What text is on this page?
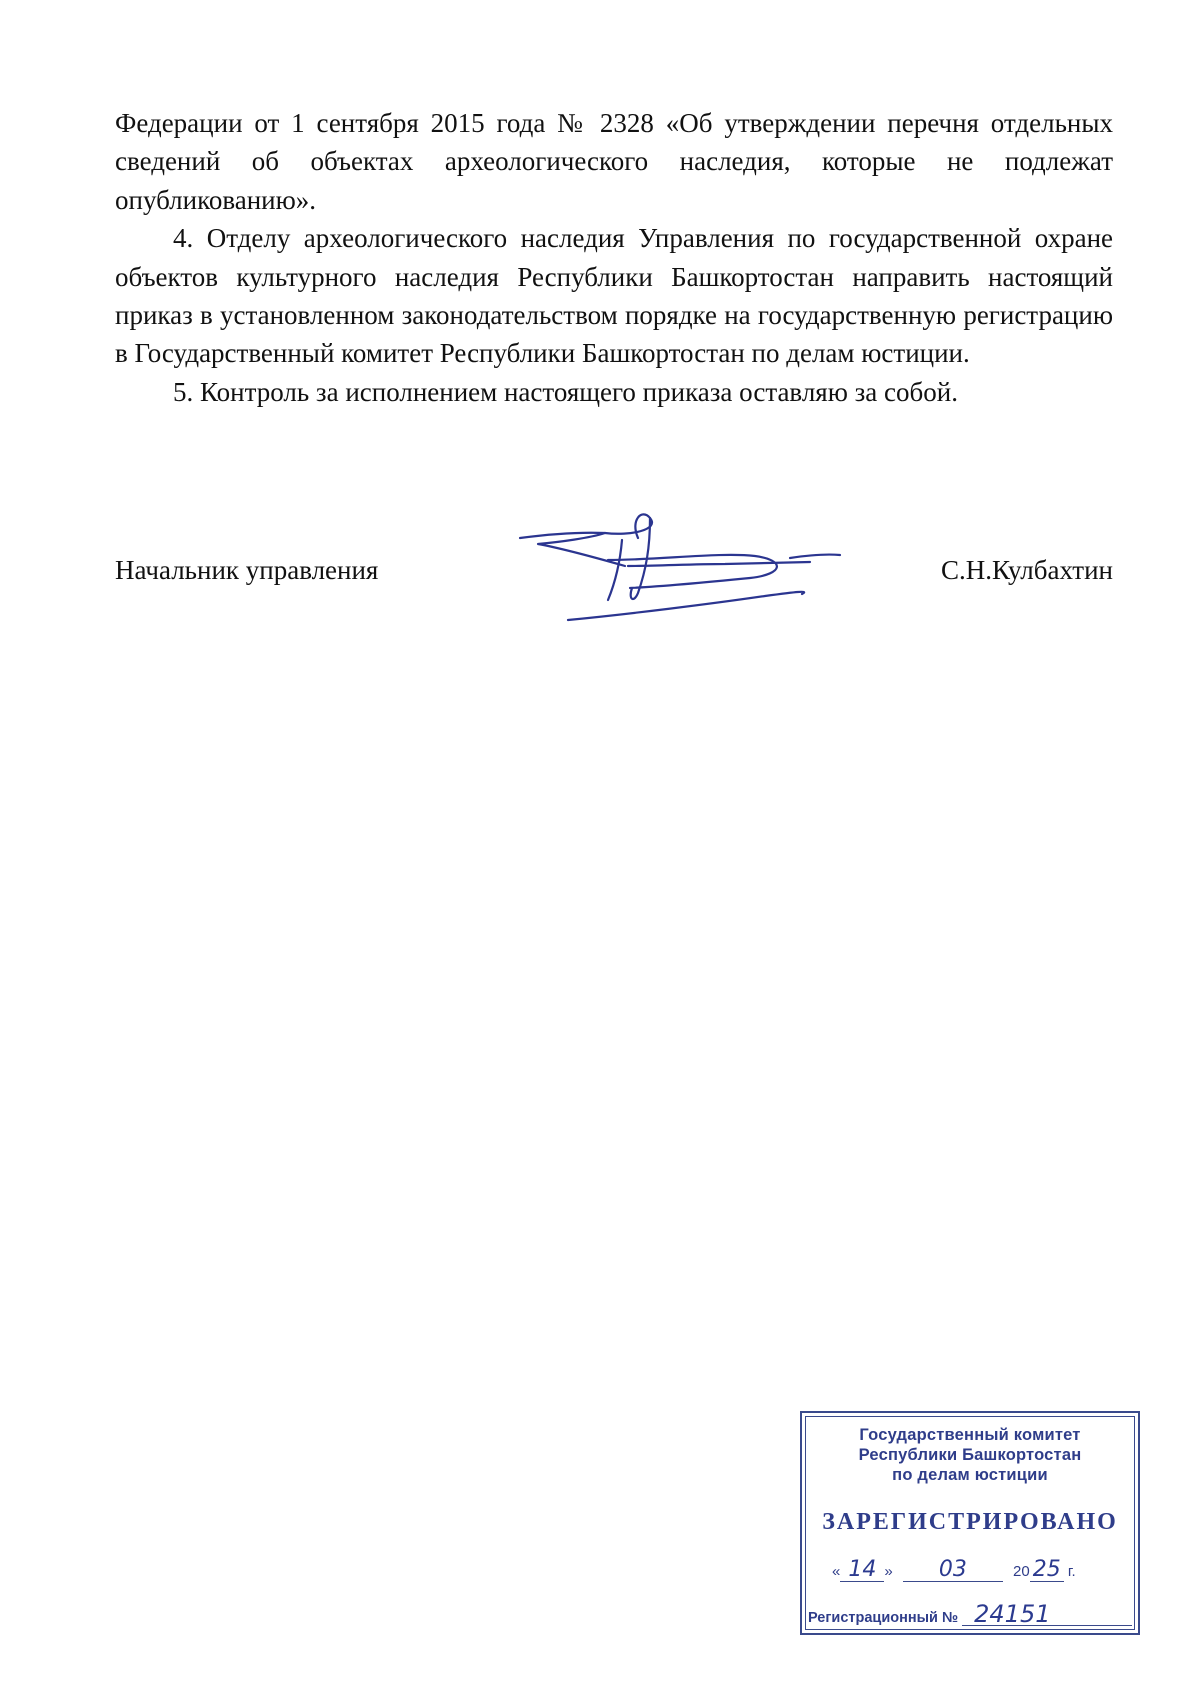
Федерации от 1 сентября 2015 года № 2328 «Об утверждении перечня отдельных сведений об объектах археологического наследия, которые не подлежат опубликованию».

4. Отделу археологического наследия Управления по государственной охране объектов культурного наследия Республики Башкортостан направить настоящий приказ в установленном законодательством порядке на государственную регистрацию в Государственный комитет Республики Башкортостан по делам юстиции.

5. Контроль за исполнением настоящего приказа оставляю за собой.

Начальник управления	С.Н.Кулбахтин
Государственный комитет
Республики Башкортостан
по делам юстиции
ЗАРЕГИСТРИРОВАНО
« 14 » 03	20 25 г.
Регистрационный № 24151
